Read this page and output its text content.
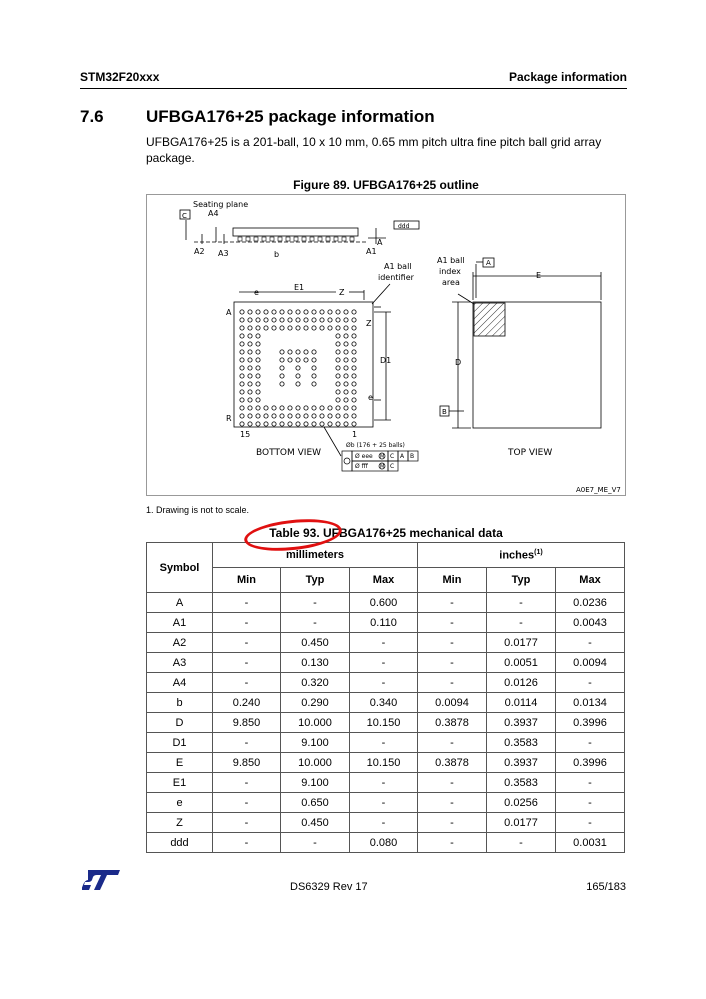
STM32F20xxx	Package information
7.6 UFBGA176+25 package information
UFBGA176+25 is a 201-ball, 10 x 10 mm, 0.65 mm pitch ultra fine pitch ball grid array package.
Figure 89. UFBGA176+25 outline
Seating plane
C	A4
ddd
A
A2 A3	b	A1
e
E1
Z
Z
e
A
R
15	1
D1
A1 ball
identifier
Øb (176 + 25 balls)
Ø eee M C A B
Ø fff M C
BOTTOM VIEW
A1 ball
index
area
A
E
D
B
TOP VIEW
A0E7_ME_V7
1. Drawing is not to scale.
Table 93. UFBGA176+25 mechanical data
Symbol	millimeters			inches$^{(1)}$
	Min	Typ	Max	Min	Typ	Max
A	-	-	0.600	-	-	0.0236
A1	-	-	0.110	-	-	0.0043
A2	-	0.450	-	-	0.0177	-
A3	-	0.130	-	-	0.0051	0.0094
A4	-	0.320	-	-	0.0126	-
b	0.240	0.290	0.340	0.0094	0.0114	0.0134
D	9.850	10.000	10.150	0.3878	0.3937	0.3996
D1	-	9.100	-	-	0.3583	-
E	9.850	10.000	10.150	0.3878	0.3937	0.3996
E1	-	9.100	-	-	0.3583	-
e	-	0.650	-	-	0.0256	-
Z	-	0.450	-	-	0.0177	-
ddd	-	-	0.080	-	-	0.0031
DS6329 Rev 17	165/183
